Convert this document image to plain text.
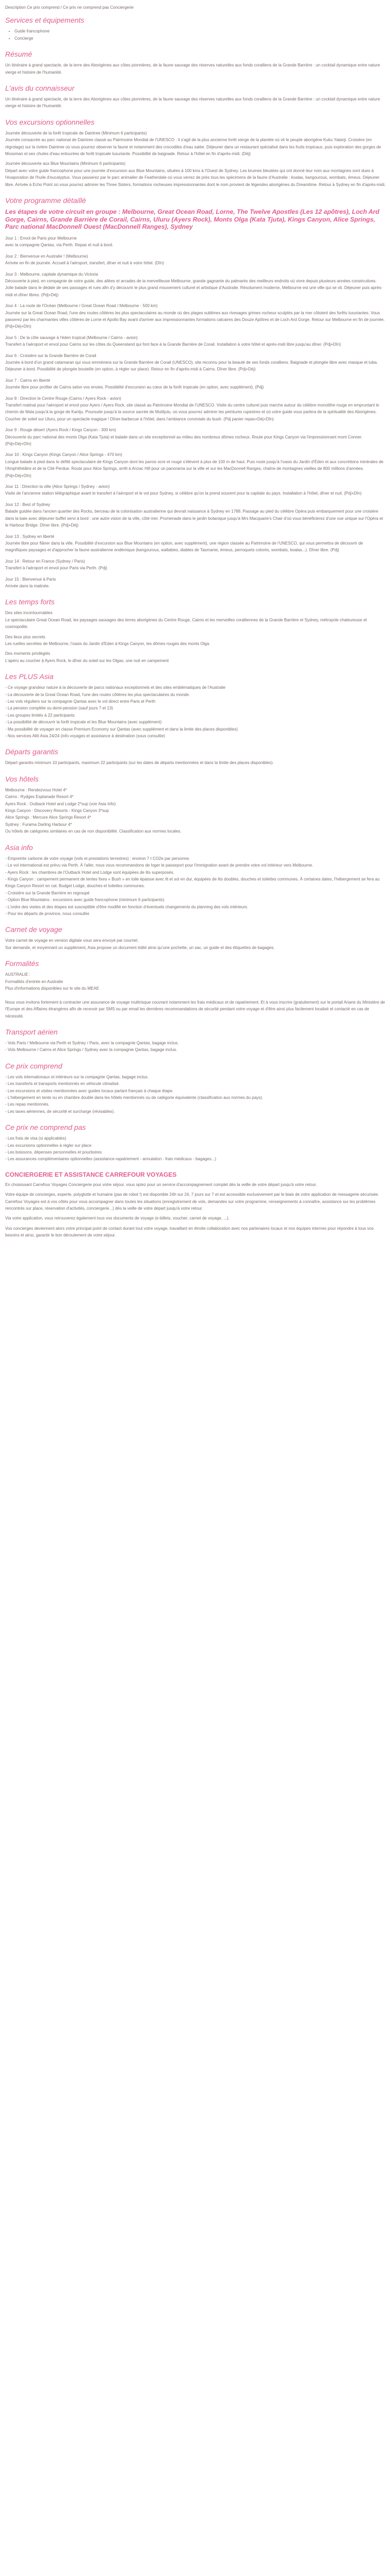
Description Ce prix comprend / Ce prix ne comprend pas Conciergerie
Services et équipements
• Guide francophone
• Concierge
Résumé

Un itinéraire à grand spectacle, de la terre des Aborigènes aux côtes pionnières, de la faune sauvage des réserves naturelles aux fonds coralliens de la Grande Barrière : un cocktail dynamique entre nature vierge et histoire de l'humanité.

L'avis du connaisseur

Un itinéraire à grand spectacle, de la terre des Aborigènes aux côtes pionnières, de la faune sauvage des réserves naturelles aux fonds coralliens de la Grande Barrière : un cocktail dynamique entre nature vierge et histoire de l'humanité.

Vos excursions optionnelles

Journée découverte de la forêt tropicale de Daintree (Minimum 6 participants)
Journée consacrée au parc national de Daintree classé au Patrimoine Mondial de l'UNESCO : il s'agit de la plus ancienne forêt vierge de la planète où vit le peuple aborigène Kuku Yalanji. Croisière (en régrolage) sur la rivière Daintree où vous pourrez observer la faune et notamment des crocodiles d'eau salée. Déjeuner dans un restaurant spécialisé dans les fruits tropicaux, puis exploration des gorges de Mossman et ses chutes d'eau entourées de forêt tropicale luxuriante. Possibilité de baignade. Retour à l'hôtel en fin d'après-midi. (Déj)

Journée découverte aux Blue Mountains (Minimum 6 participants)
Départ avec votre guide francophone pour une journée d'excursion aux Blue Mountains, situées à 100 kms à l'Ouest de Sydney. Les brumes bleutées qui ont donné leur nom aux montagnes sont dues à l'évaporation de l'huile d'eucalyptus. Vous passerez par le parc animalier de Featherdale où vous verrez de près tous les spécimens de la faune d'Australie : koalas, kangourous, wombats, émeus. Déjeuner libre. Arrivée à Echo Point où vous pourrez admirer les Three Sisters, formations rocheuses impressionnantes dont le nom provient de légendes aborigènes du Dreamtime. Retour à Sydney en fin d'après-midi.

Votre programme détaillé
Les étapes de votre circuit en groupe : Melbourne, Great Ocean Road, Lorne, The Twelve Apostles (Les 12 apôtres), Loch Ard Gorge, Cairns, Grande Barrière de Corail, Cairns, Uluru (Ayers Rock), Monts Olga (Kata Tjuta), Kings Canyon, Alice Springs, Parc national MacDonnell Ouest (MacDonnell Ranges), Sydney
Jour 1 : Envol de Paris pour Melbourne
avec la compagnie Qantas, via Perth. Repas et nuit à bord.
Jour 2 : Bienvenue en Australie ! (Melbourne)
Arrivée en fin de journée. Accueil à l'aéroport, transfert, dîner et nuit à votre hôtel. (Dîn)
Jour 3 : Melbourne, capitale dynamique du Victoria
Découverte à pied, en compagnie de votre guide, des allées et arcades de la merveilleuse Melbourne, grande gagnante du palmarès des meilleurs endroits où vivre depuis plusieurs années consécutives. Jolie balade dans le dédale de ses passages et rues afin d'y découvrir le plus grand mouvement culturel et artistique d'Australie. Résolument moderne, Melbourne est une ville qui se vit. Déjeuner puis après-midi et dîner libres. (Pdj+Déj)
Jour 4 : La route de l'Océan (Melbourne / Great Ocean Road / Melbourne - 500 km)
Journée sur la Great Ocean Road, l'une des routes côtières les plus spectaculaires au monde où des plages sublimes aux rivesages grimes rocheux sculptés par la mer côtoient des forêts luxuriantes. Vous passerez par les charmantes villes côtières de Lorne et Apollo Bay avant d'arriver aux impressionnantes formations calcaires des Douze Apôtres et de Loch Ard Gorge. Retour sur Melbourne en fin de journée. (Pdj+Déj+Dîn)
Jour 5 : De la côte sauvage à l'éden tropical (Melbourne / Cairns - avion)
Transfert à l'aéroport et envol pour Cairns sur les côtes du Queensland qui font face à la Grande Barrière de Corail. Installation à votre hôtel et après-midi libre jusqu'au dîner. (Pdj+Dîn)
Jour 6 : Croisière sur la Grande Barrière de Corail
Journée à bord d'un grand catamaran qui vous emmènera sur la Grande Barrière de Corail (UNESCO), site reconnu pour la beauté de ses fonds coralliens. Baignade et plongée libre avec masque et tuba. Déjeuner à bord. Possibilité de plongée bouteille (en option, à régler sur place). Retour en fin d'après-midi à Cairns. Dîner libre. (Pdj+Déj)
Jour 7 : Cairns en liberté
Journée libre pour profiter de Cairns selon vos envies. Possibilité d'excursion au cœur de la forêt tropicale (en option, avec supplément). (Pdj)
Jour 8 : Direction le Centre Rouge (Cairns / Ayers Rock - avion)
Transfert matinal pour l'aéroport et envol pour Ayers / Ayers Rock, site classé au Patrimoine Mondial de l'UNESCO. Visite du centre culturel puis marche autour du célèbre monolithe rouge en empruntant le chemin de Mala jusqu'à la gorge de Kantju. Poursuite jusqu'à la source sacrée de Mutitjulu, où vous pourrez admirer les peintures rupestres et où votre guide vous parlera de la spiritualité des Aborigènes. Coucher de soleil sur Uluru, pour un spectacle magique ! Dîner-barbecue à l'hôtel, dans l'ambiance conviviale du bush. (Pdj panier repas+Déj+Dîn)
Jour 9 : Rouge désert (Ayers Rock / Kings Canyon - 300 km)
Découverte du parc national des monts Olga (Kata Tjuta) et balade dans un site exceptionnel au milieu des nombreux dômes rocheux. Route pour Kings Canyon via l'impressionnant mont Conner. (Pdj+Déj+Dîn)
Jour 10 : Kings Canyon (Kings Canyon / Alice Springs - 470 km)
Longue balade à pied dans le défilé spectaculaire de Kings Canyon dont les parois ocre et rouge s'élèvent à plus de 100 m de haut. Puis route jusqu'à l'oasis du Jardin d'Éden et aux concrétions minérales de l'Amphithéâtre et de la Cité Perdue. Route pour Alice Springs, arrêt à Anzac Hill pour un panorama sur la ville et sur les MacDonnell Ranges, chaîne de montagnes vieilles de 800 millions d'années. (Pdj+Déj+Dîn)
Jour 11 : Direction la ville (Alice Springs / Sydney - avion)
Visite de l'ancienne station télégraphique avant le transfert à l'aéroport et le vol pour Sydney, si célèbre qu'on la prend souvent pour la capitale du pays. Installation à l'hôtel, dîner et nuit. (Pdj+Dîn)
Jour 12 : Best of Sydney
Balade guidée dans l'ancien quartier des Rocks, berceau de la colonisation australienne qui devrait naissance à Sydney en 1788. Passage au pied du célèbre Opéra puis embarquement pour une croisière dans la baie avec déjeuner buffet servi à bord : une autre vision de la ville, côté mer. Promenade dans le jardin botanique jusqu'à Mrs Macquarie's Chair d'où vous bénéficierez d'une vue unique sur l'Opéra et le Harbour Bridge. Dîner libre. (Pdj+Déj)
Jour 13 : Sydney en liberté
Journée libre pour flâner dans la ville. Possibilité d'excursion aux Blue Mountains (en option, avec supplément), une région classée au Patrimoine de l'UNESCO, qui vous permettra de découvrir de magnifiques paysages et d'approcher la faune australienne endémique (kangourous, wallabies, diables de Tasmanie, émeus, perroquets colorés, wombats, koalas...). Dîner libre. (Pdj)
Jour 14 : Retour en France (Sydney / Paris)
Transfert à l'aéroport et envol pour Paris via Perth. (Pdj)
Jour 15 : Bienvenue à Paris
Arrivée dans la matinée.
Les temps forts

Des sites incontournables
Le spectaculaire Great Ocean Road, les paysages sauvages des terres aborigènes du Centre Rouge, Cairns et les merveilles coralliennes de la Grande Barrière et Sydney, métropole chaleureuse et cosmopolite.

Des lieux plus secrets
Les ruelles secrètes de Melbourne, l'oasis du Jardin d'Eden à Kings Canyon, les dômes rouges des monts Olga.

Des moments privilégiés
L'apéro au coucher à Ayers Rock, le dîner du soleil sur les Olgas, une nuit en campement

Les PLUS Asia
- Ce voyage grandeur nature à la découverte de parcs nationaux exceptionnels et des sites emblématiques de l'Australie
- La découverte de la Great Ocean Road, l'une des routes côtières les plus spectaculaires du monde.
- Les vols réguliers sur la compagnie Qantas avec le vol direct entre Paris et Perth
- La pension complète ou demi-pension (sauf jours 7 et 13)
- Les groupes limités à 22 participants
- La possibilité de découvrir la forêt tropicale et les Blue Mountains (avec supplément)
- Ma possibilité de voyager en classe Premium Economy sur Qantas (avec supplément et dans la limite des places disponibles)
- Nos services Allô Asia 24/24 (info voyages et assistance à destination (sous consultie)
Départs garantis

Départ garantis minimum 10 participants, maximum 22 participants (sur les dates de départs mentionnées et dans la limite des places disponibles).

Vos hôtels
Melbourne : Rendezvous Hotel 4*
Cairns : Rydges Esplanade Resort 4*
Ayers Rock : Outback Hotel and Lodge 2*sup (voir Asia Info)
Kings Canyon : Discovery Resorts - Kings Canyon 3*sup
Alice Springs : Mercure Alice Springs Resort 4*
Sydney : Furama Darling Harbour 4*
Ou hôtels de catégories similaires en cas de non disponibilité. Classification aux normes locales.
Asia info
- Empreinte carbone de votre voyage (vols et prestations terrestres) : environ 7 t CO2e par personne.
- Le vol international est prévu via Perth. À l'aller, nous vous recommandons de loger le passeport pour l'immigration avant de prendre votre vol intérieur vers Melbourne.
- Ayers Rock : les chambres de l'Outback Hotel and Lodge sont équipées de lits superposés.
- Kings Canyon : campement permanent de tentes fixes « Bush » en toile épaisse avec lit et sol en dur, équipées de lits doubles, douches et toilettes communes. À certaines dates, l'hébergement se fera au Kings Canyon Resort en cat. Budget Lodge, douches et toilettes communes.
- Croisière sur la Grande Barrière en regroupé
- Option Blue Mountains : excursions avec guide francophone (minimum 6 participants).
- L'ordre des visites et des étapes est susceptible d'être modifié en fonction d'éventuels changements du planning des vols intérieurs.
- Pour les départs de province, nous consulter.
Carnet de voyage

Votre carnet de voyage en version digitale vous sera envoyé par courriel.
Sur demande, et moyennant un supplément, Asia propose un document édité ainsi qu'une pochette, un sac, un guide et des étiquettes de bagages.

Formalités
AUSTRALIE :
Formalités d'entrée en Australie
Plus d'informations disponibles sur le site du MEAE
Nous vous invitons fortement à contracter une assurance de voyage multirisque couvrant notamment les frais médicaux et de rapatriement. Et à vous inscrire (gratuitement) sur le portail Ariane du Ministère de l'Europe et des Affaires étrangères afin de recevoir par SMS ou par email les dernières recommandations de sécurité pendant votre voyage et d'être ainsi plus facilement localisé et contacté en cas de nécessité.
Transport aérien
- Vols Paris / Melbourne via Perth et Sydney / Paris, avec la compagnie Qantas, bagage inclus.
- Vols Melbourne / Cairns et Alice Springs / Sydney avec la compagnie Qantas, bagage inclus.
Ce prix comprend
- Les vols internationaux et intérieurs sur la compagnie Qantas, bagage inclus.
- Les transferts et transports mentionnés en véhicule climatisé.
- Les excursions et visites mentionnées avec guides locaux parlant français à chaque étape.
- L'hébergement en tente ou en chambre double dans les hôtels mentionnés ou de catégorie équivalente (classification aux normes du pays).
- Les repas mentionnés.
- Les taxes aériennes, de sécurité et surcharge (révisables).
Ce prix ne comprend pas
- Les frais de visa (si applicables)
- Les excursions optionnelles à régler sur place
- Les boissons, dépenses personnelles et pourboires
- Les assurances complémentaires optionnelles (assistance-rapatriement - annulation - frais médicaux - bagages...)
CONCIERGERIE ET ASSISTANCE CARREFOUR VOYAGES

En choisissant Carrefour Voyages Conciergerie pour votre séjour, vous optez pour un service d'accompagnement complet dès la veille de votre départ jusqu'à votre retour.

Votre équipe de concierges, experte, polyglotte et humaine (pas de robot !) est disponible 24h sur 24, 7 jours sur 7 et est accessible exclusivement par le biais de votre application de messagerie sécurisée. Carrefour Voyages est à vos côtés pour vous accompagner dans toutes les situations (enregistrement de vols, demandes sur votre programme, renseignements à connaître, assistance sur les problèmes rencontrés sur place, réservation d'activités, conciergerie...) dès la veille de votre départ jusqu'à votre retour.

Via votre application, vous retrouverez également tous vos documents de voyage (e-billets, voucher, carnet de voyage, ...).

Vos concierges deviennent alors votre principal point de contact durant tout votre voyage, travaillant en étroite collaboration avec nos partenaires locaux et nos équipes internes pour répondre à tous vos besoins et ainsi, garantir le bon déroulement de votre séjour.
